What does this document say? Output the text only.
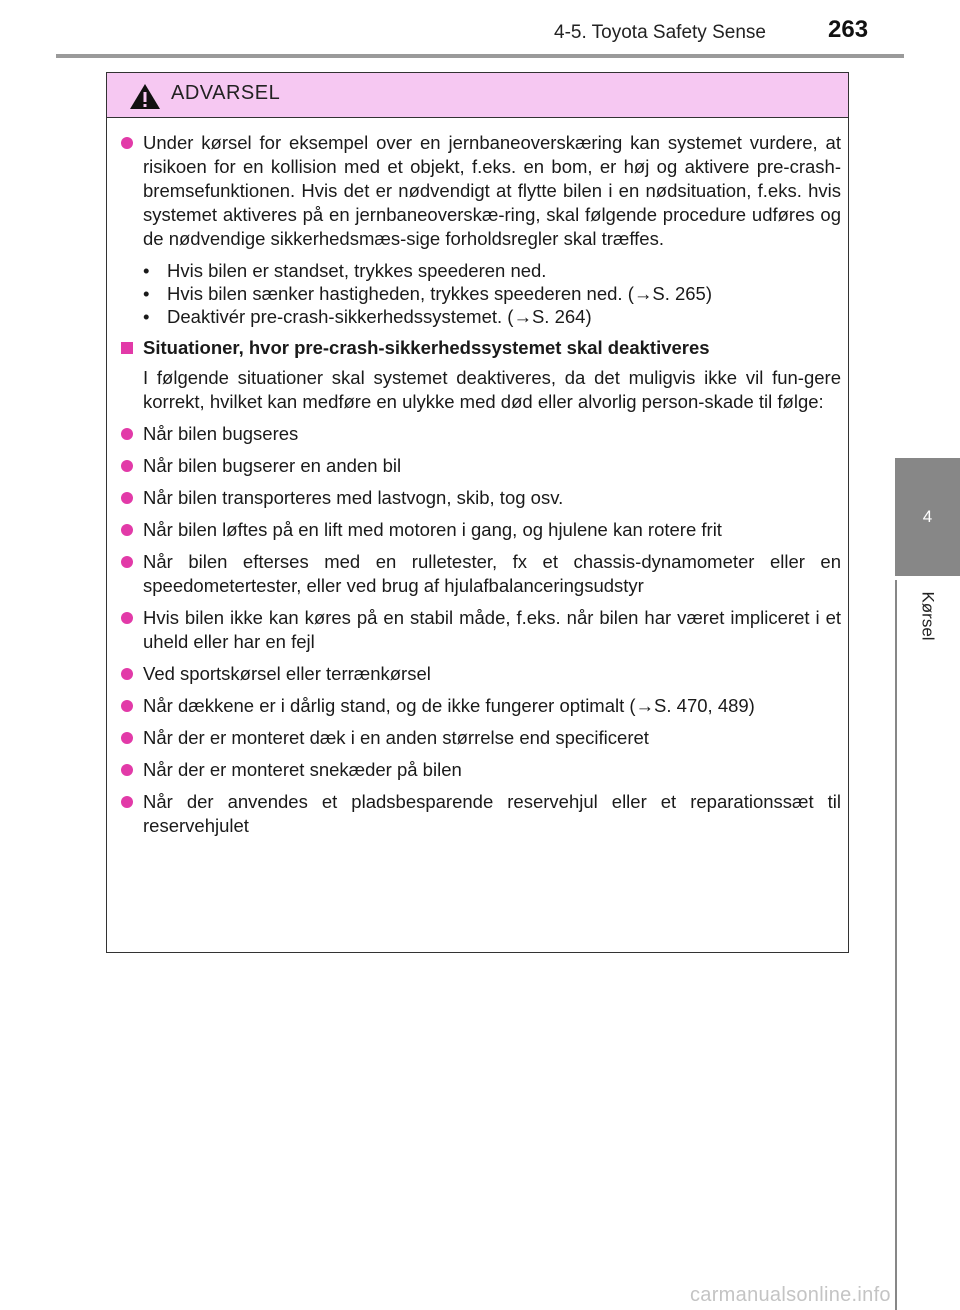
4-5. Toyota Safety Sense	263
4
Kørsel
ADVARSEL
Under kørsel for eksempel over en jernbaneoverskæring kan systemet vurdere, at risikoen for en kollision med et objekt, f.eks. en bom, er høj og aktivere pre-crash-bremsefunktionen. Hvis det er nødvendigt at flytte bilen i en nødsituation, f.eks. hvis systemet aktiveres på en jernbaneoverskæ-ring, skal følgende procedure udføres og de nødvendige sikkerhedsmæs-sige forholdsregler skal træffes.
• Hvis bilen er standset, trykkes speederen ned.
• Hvis bilen sænker hastigheden, trykkes speederen ned. (→S. 265)
• Deaktivér pre-crash-sikkerhedssystemet. (→S. 264)
Situationer, hvor pre-crash-sikkerhedssystemet skal deaktiveres
I følgende situationer skal systemet deaktiveres, da det muligvis ikke vil fun-gere korrekt, hvilket kan medføre en ulykke med død eller alvorlig person-skade til følge:
Når bilen bugseres
Når bilen bugserer en anden bil
Når bilen transporteres med lastvogn, skib, tog osv.
Når bilen løftes på en lift med motoren i gang, og hjulene kan rotere frit
Når bilen efterses med en rulletester, fx et chassis-dynamometer eller en speedometertester, eller ved brug af hjulafbalanceringsudstyr
Hvis bilen ikke kan køres på en stabil måde, f.eks. når bilen har været impliceret i et uheld eller har en fejl
Ved sportskørsel eller terrænkørsel
Når dækkene er i dårlig stand, og de ikke fungerer optimalt (→S. 470, 489)
Når der er monteret dæk i en anden størrelse end specificeret
Når der er monteret snekæder på bilen
Når der anvendes et pladsbesparende reservehjul eller et reparationssæt til reservehjulet
carmanualsonline.info
